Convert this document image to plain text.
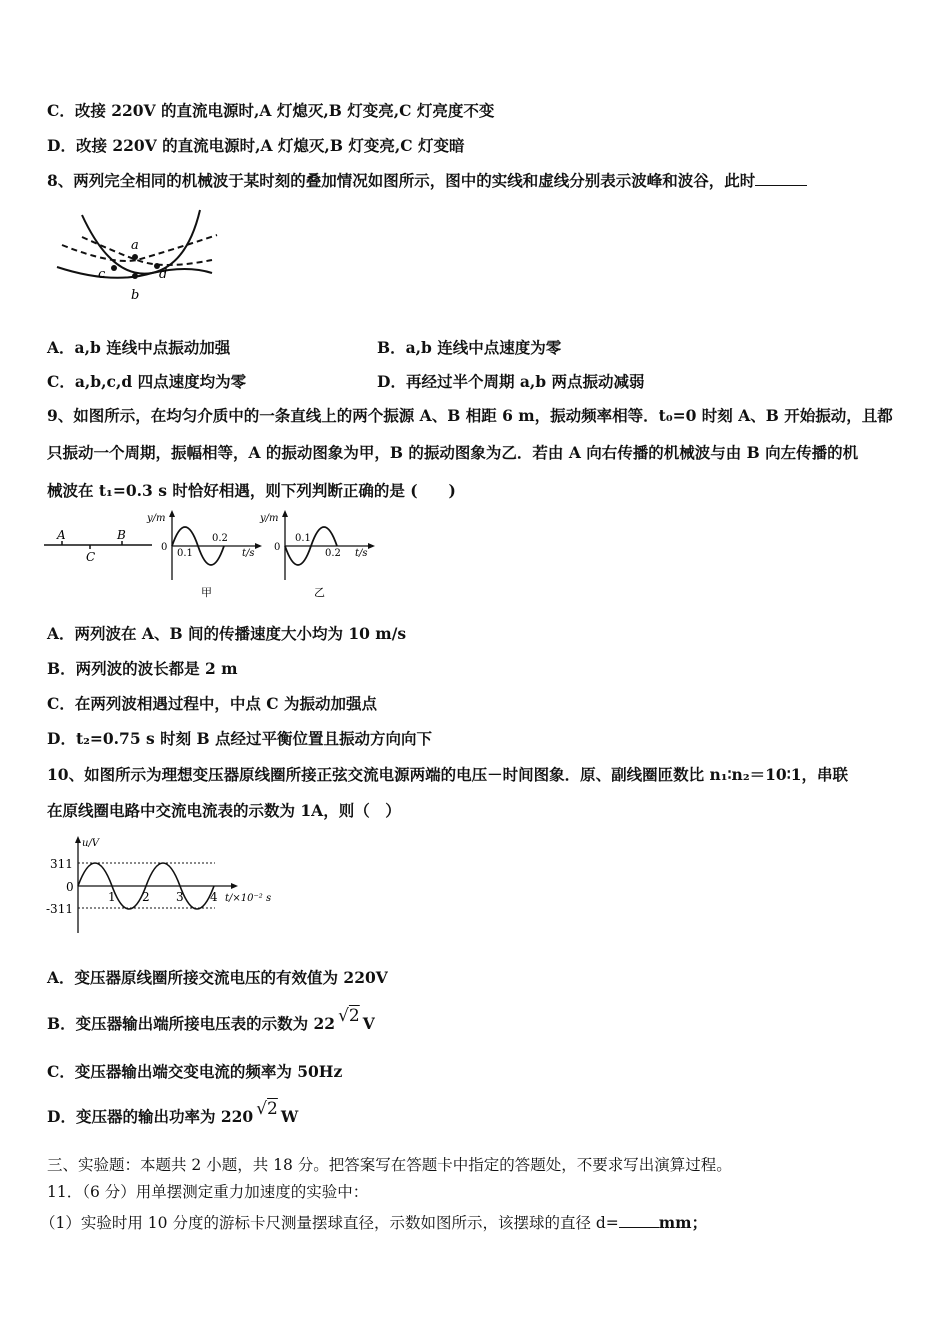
C．改接 220V 的直流电源时,A 灯熄灭,B 灯变亮,C 灯亮度不变
D．改接 220V 的直流电源时,A 灯熄灭,B 灯变亮,C 灯变暗
8、两列完全相同的机械波于某时刻的叠加情况如图所示，图中的实线和虚线分别表示波峰和波谷，此时
a
c	d
b
A．a,b 连线中点振动加强	B．a,b 连线中点速度为零
C．a,b,c,d 四点速度均为零	D．再经过半个周期 a,b 两点振动减弱
9、如图所示，在均匀介质中的一条直线上的两个振源 A、B 相距 6 m，振动频率相等．t₀=0 时刻 A、B 开始振动，且都
只振动一个周期，振幅相等，A 的振动图象为甲，B 的振动图象为乙．若由 A 向右传播的机械波与由 B 向左传播的机
械波在 t₁=0.3 s 时恰好相遇，则下列判断正确的是 (　　)
A
C
B
y/m
0
0.1
0.2
t/s
甲
y/m
0
0.1
0.2 t/s
乙
A．两列波在 A、B 间的传播速度大小均为 10 m/s
B．两列波的波长都是 2 m
C．在两列波相遇过程中，中点 C 为振动加强点
D．t₂=0.75 s 时刻 B 点经过平衡位置且振动方向向下
10、如图所示为理想变压器原线圈所接正弦交流电源两端的电压－时间图象．原、副线圈匝数比 n₁∶n₂＝10∶1，串联
在原线圈电路中交流电流表的示数为 1A，则（　）
u/V
311
0
-311
1 2 3 4 t/×10⁻² s
A．变压器原线圈所接交流电压的有效值为 220V
B．变压器输出端所接电压表的示数为 22 √2 V
C．变压器输出端交变电流的频率为 50Hz
D．变压器的输出功率为 220 √2 W
三、实验题：本题共 2 小题，共 18 分。把答案写在答题卡中指定的答题处，不要求写出演算过程。
11．（6 分）用单摆测定重力加速度的实验中：
（1）实验时用 10 分度的游标卡尺测量摆球直径，示数如图所示，该摆球的直径 d=	mm；
